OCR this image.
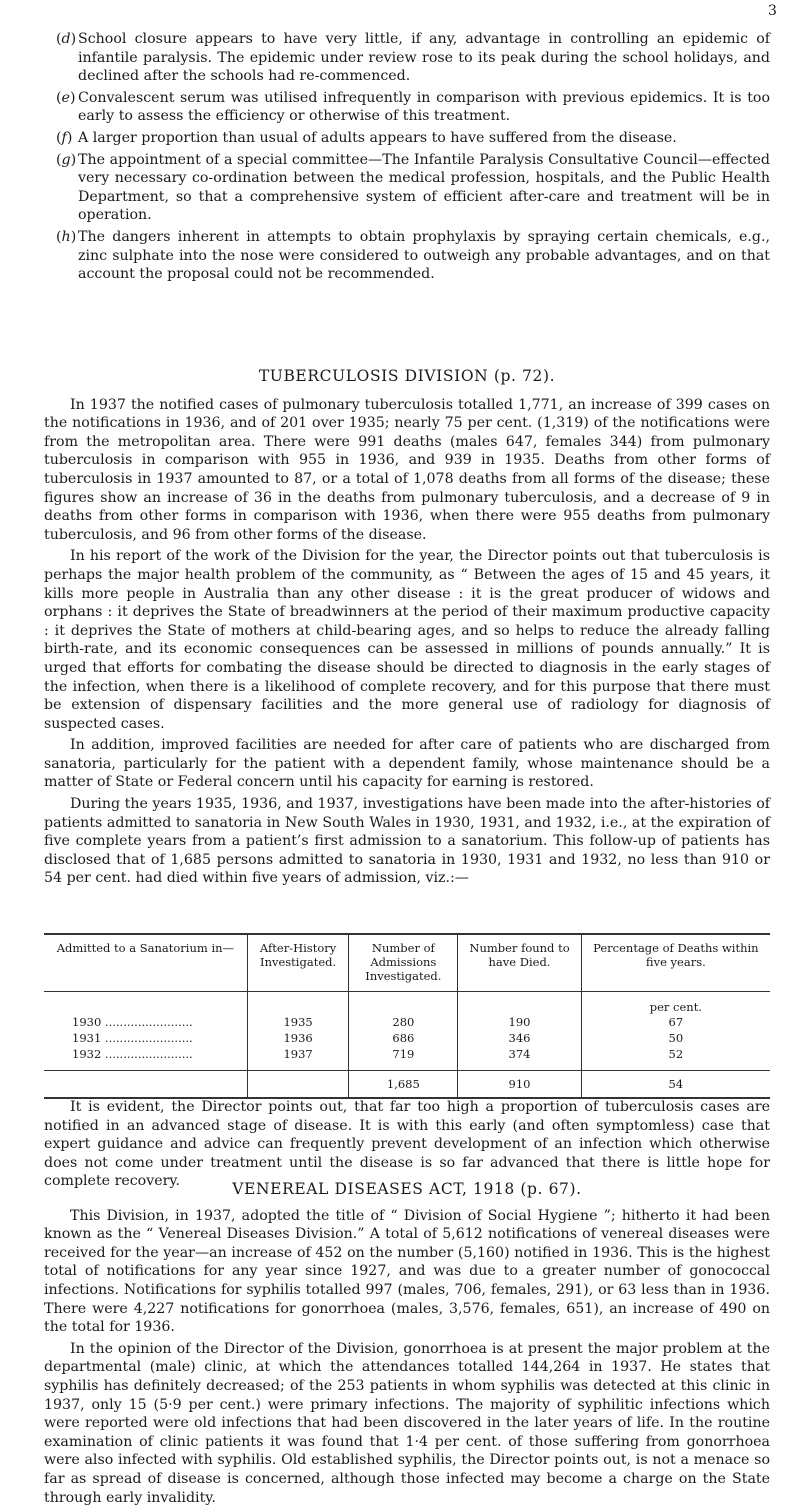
3
( d ) School closure appears to have very little, if any, advantage in controlling an epidemic of infantile paralysis. The epidemic under review rose to its peak during the school holidays, and declined after the schools had re-commenced.
( e ) Convalescent serum was utilised infrequently in comparison with previous epidemics. It is too early to assess the efficiency or otherwise of this treatment.
( f ) A larger proportion than usual of adults appears to have suffered from the disease.
( g ) The appointment of a special committee—The Infantile Paralysis Consultative Council—effected very necessary co-ordination between the medical profession, hospitals, and the Public Health Department, so that a comprehensive system of efficient after-care and treatment will be in operation.
( h ) The dangers inherent in attempts to obtain prophylaxis by spraying certain chemicals, e.g., zinc sulphate into the nose were considered to outweigh any probable advantages, and on that account the proposal could not be recommended.
TUBERCULOSIS DIVISION (p. 72).

In 1937 the notified cases of pulmonary tuberculosis totalled 1,771, an increase of 399 cases on the notifications in 1936, and of 201 over 1935; nearly 75 per cent. (1,319) of the notifications were from the metropolitan area. There were 991 deaths (males 647, females 344) from pulmonary tuberculosis in comparison with 955 in 1936, and 939 in 1935. Deaths from other forms of tuberculosis in 1937 amounted to 87, or a total of 1,078 deaths from all forms of the disease; these figures show an increase of 36 in the deaths from pulmonary tuberculosis, and a decrease of 9 in deaths from other forms in comparison with 1936, when there were 955 deaths from pulmonary tuberculosis, and 96 from other forms of the disease.

In his report of the work of the Division for the year, the Director points out that tuberculosis is perhaps the major health problem of the community, as “ Between the ages of 15 and 45 years, it kills more people in Australia than any other disease : it is the great producer of widows and orphans : it deprives the State of breadwinners at the period of their maximum productive capacity : it deprives the State of mothers at child-bearing ages, and so helps to reduce the already falling birth-rate, and its economic consequences can be assessed in millions of pounds annually.” It is urged that efforts for combating the disease should be directed to diagnosis in the early stages of the infection, when there is a likelihood of complete recovery, and for this purpose that there must be extension of dispensary facilities and the more general use of radiology for diagnosis of suspected cases.

In addition, improved facilities are needed for after care of patients who are discharged from sanatoria, particularly for the patient with a dependent family, whose maintenance should be a matter of State or Federal concern until his capacity for earning is restored.

During the years 1935, 1936, and 1937, investigations have been made into the after-histories of patients admitted to sanatoria in New South Wales in 1930, 1931, and 1932, i.e., at the expiration of five complete years from a patient’s first admission to a sanatorium. This follow-up of patients has disclosed that of 1,685 persons admitted to sanatoria in 1930, 1931 and 1932, no less than 910 or 54 per cent. had died within five years of admission, viz.:—

Admitted to a Sanatorium in—	After-History Investigated.	Number of Admissions Investigated.	Number found to have Died.	Percentage of Deaths within five years.
				per cent.
1930 .....	1935	280	190	67
1931 .....	1936	686	346	50
1932 .....	1937	719	374	52
		1,685	910	54

It is evident, the Director points out, that far too high a proportion of tuberculosis cases are notified in an advanced stage of disease. It is with this early (and often symptomless) case that expert guidance and advice can frequently prevent development of an infection which otherwise does not come under treatment until the disease is so far advanced that there is little hope for complete recovery.	VENEREAL DISEASES ACT, 1918 (p. 67).

This Division, in 1937, adopted the title of “ Division of Social Hygiene ”; hitherto it had been known as the “ Venereal Diseases Division.” A total of 5,612 notifications of venereal diseases were received for the year—an increase of 452 on the number (5,160) notified in 1936. This is the highest total of notifications for any year since 1927, and was due to a greater number of gonococcal infections. Notifications for syphilis totalled 997 (males, 706, females, 291), or 63 less than in 1936. There were 4,227 notifications for gonorrhoea (males, 3,576, females, 651), an increase of 490 on the total for 1936.

In the opinion of the Director of the Division, gonorrhoea is at present the major problem at the departmental (male) clinic, at which the attendances totalled 144,264 in 1937. He states that syphilis has definitely decreased; of the 253 patients in whom syphilis was detected at this clinic in 1937, only 15 (5·9 per cent.) were primary infections. The majority of syphilitic infections which were reported were old infections that had been discovered in the later years of life. In the routine examination of clinic patients it was found that 1·4 per cent. of those suffering from gonorrhoea were also infected with syphilis. Old established syphilis, the Director points out, is not a menace so far as spread of disease is concerned, although those infected may become a charge on the State through early invalidity.
